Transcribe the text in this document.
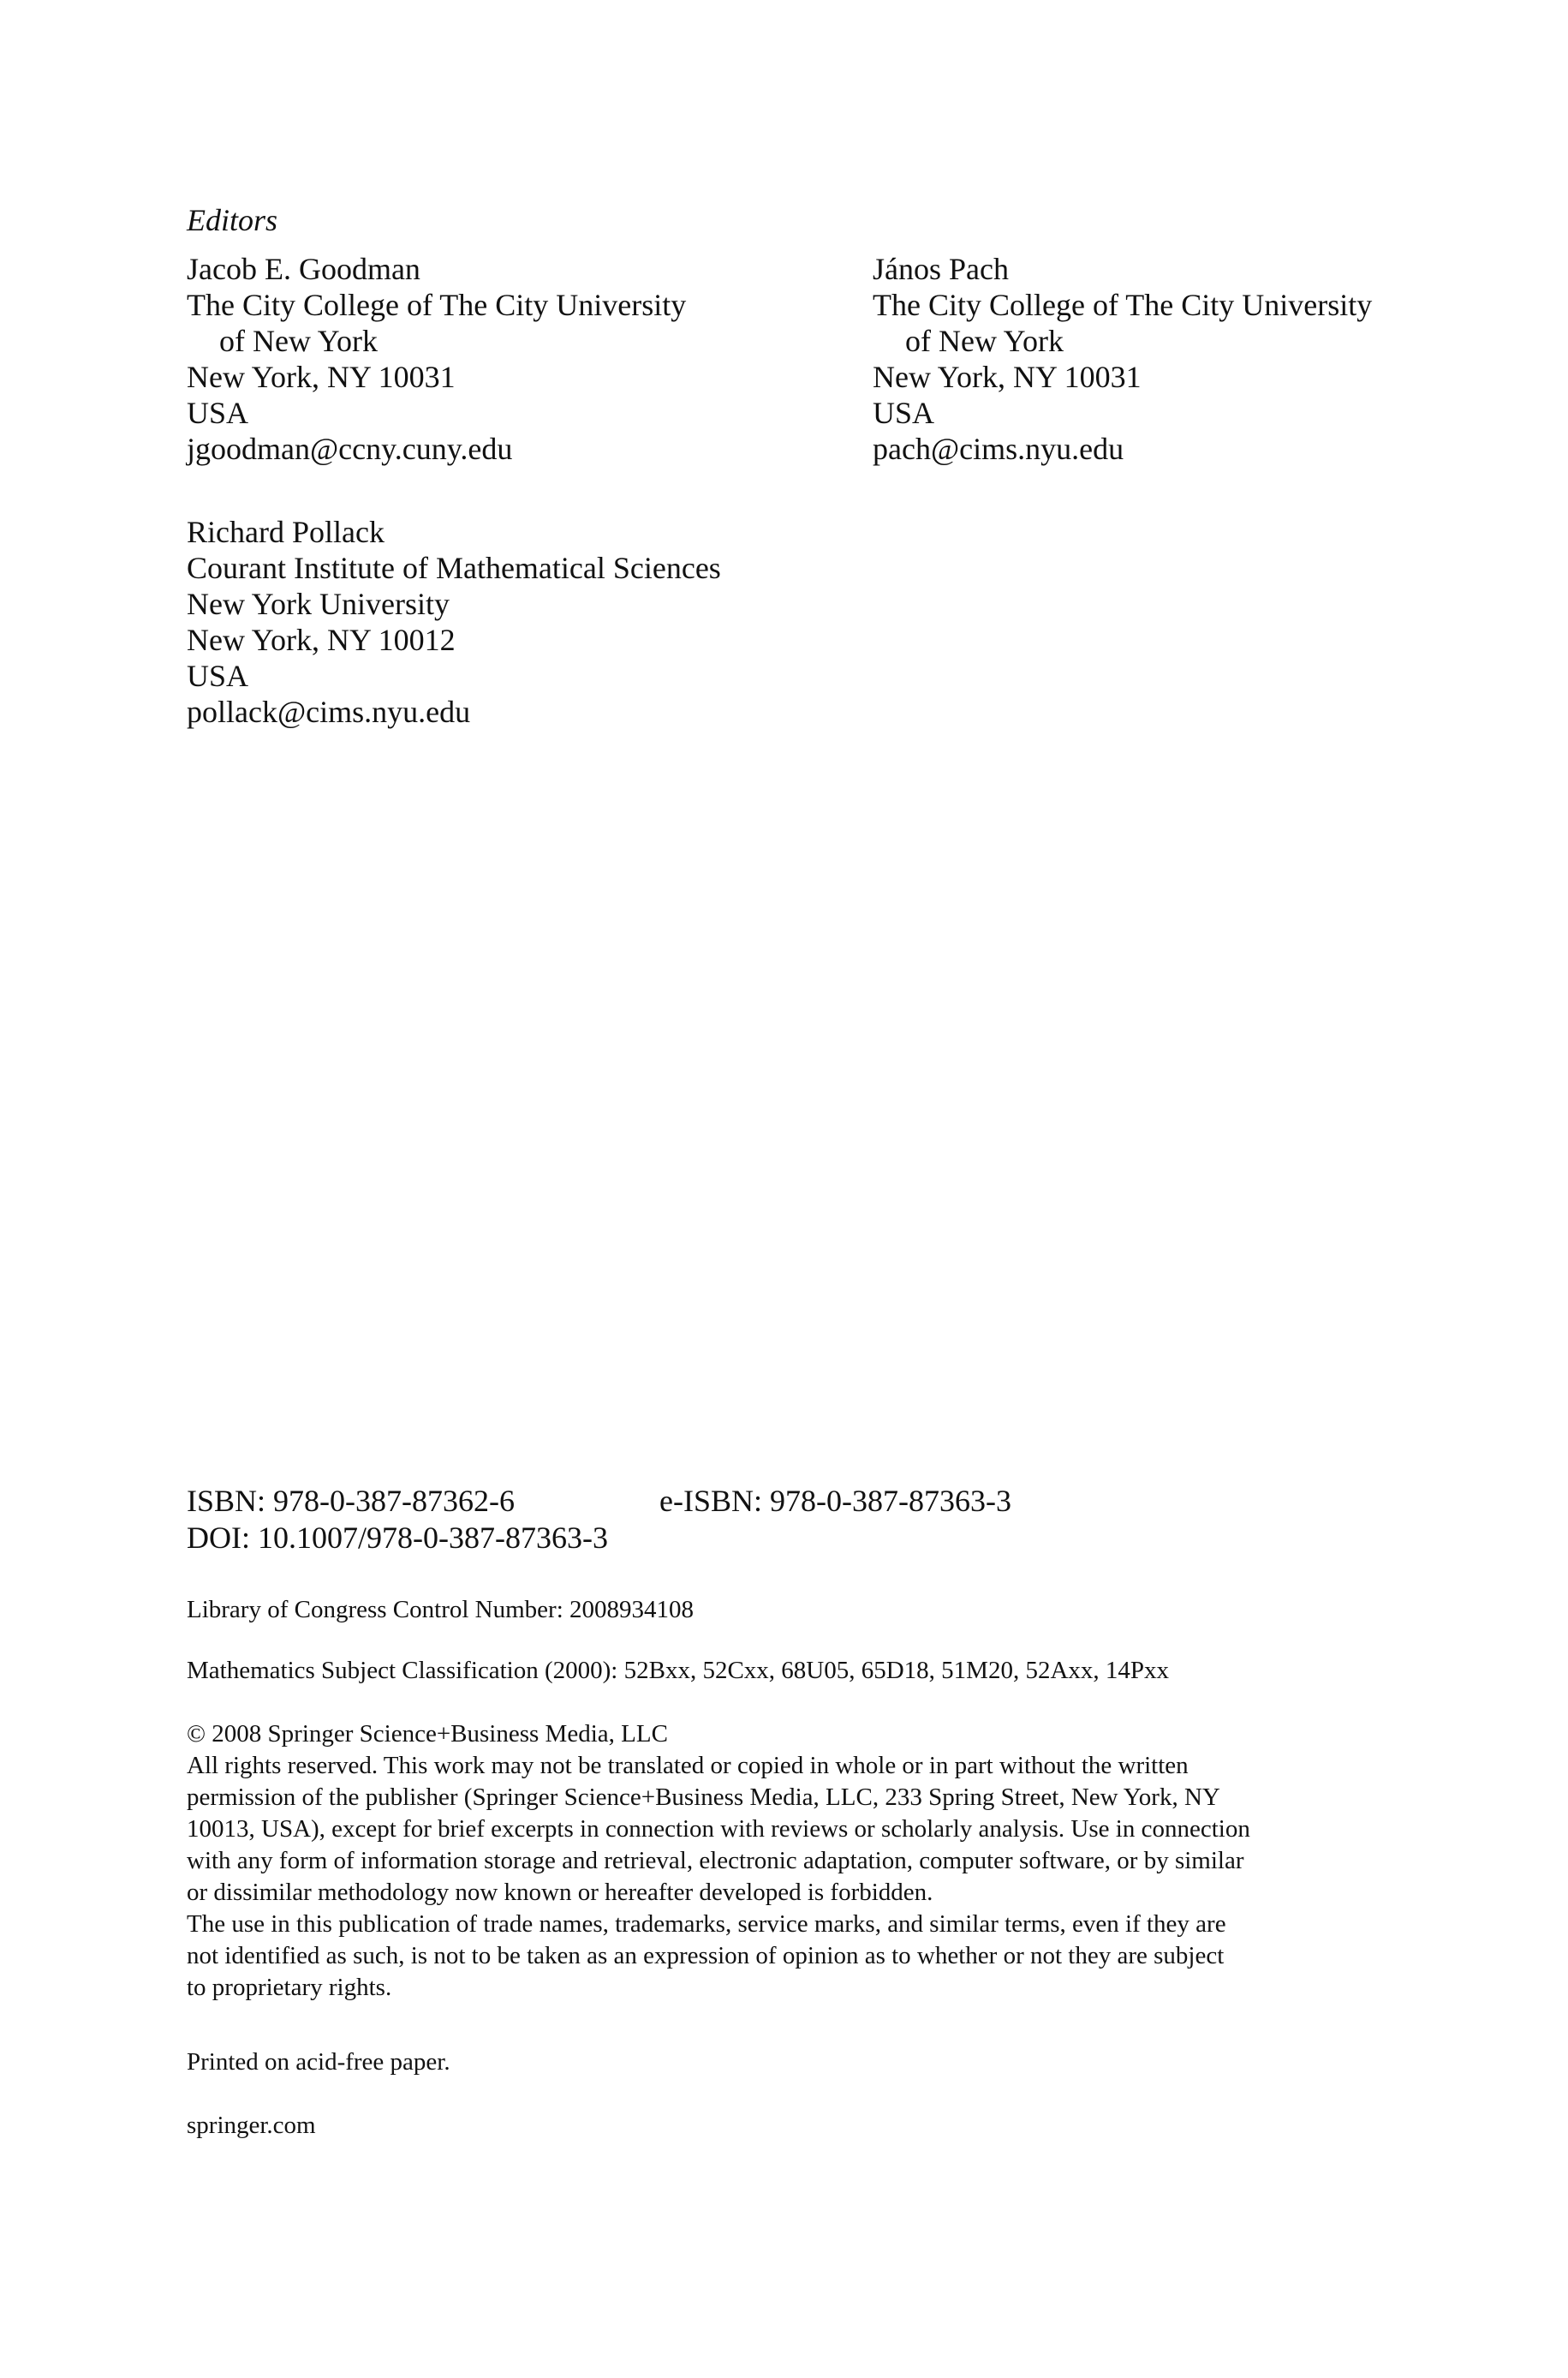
Editors
Jacob E. Goodman
The City College of The City University
of New York
New York, NY 10031
USA
jgoodman@ccny.cuny.edu
János Pach
The City College of The City University
of New York
New York, NY 10031
USA
pach@cims.nyu.edu
Richard Pollack
Courant Institute of Mathematical Sciences
New York University
New York, NY 10012
USA
pollack@cims.nyu.edu
ISBN: 978-0-387-87362-6	e-ISBN: 978-0-387-87363-3
DOI: 10.1007/978-0-387-87363-3
Library of Congress Control Number: 2008934108
Mathematics Subject Classification (2000): 52Bxx, 52Cxx, 68U05, 65D18, 51M20, 52Axx, 14Pxx
© 2008 Springer Science+Business Media, LLC
All rights reserved. This work may not be translated or copied in whole or in part without the written
permission of the publisher (Springer Science+Business Media, LLC, 233 Spring Street, New York, NY
10013, USA), except for brief excerpts in connection with reviews or scholarly analysis. Use in connection
with any form of information storage and retrieval, electronic adaptation, computer software, or by similar
or dissimilar methodology now known or hereafter developed is forbidden.
The use in this publication of trade names, trademarks, service marks, and similar terms, even if they are
not identified as such, is not to be taken as an expression of opinion as to whether or not they are subject
to proprietary rights.
Printed on acid-free paper.
springer.com
